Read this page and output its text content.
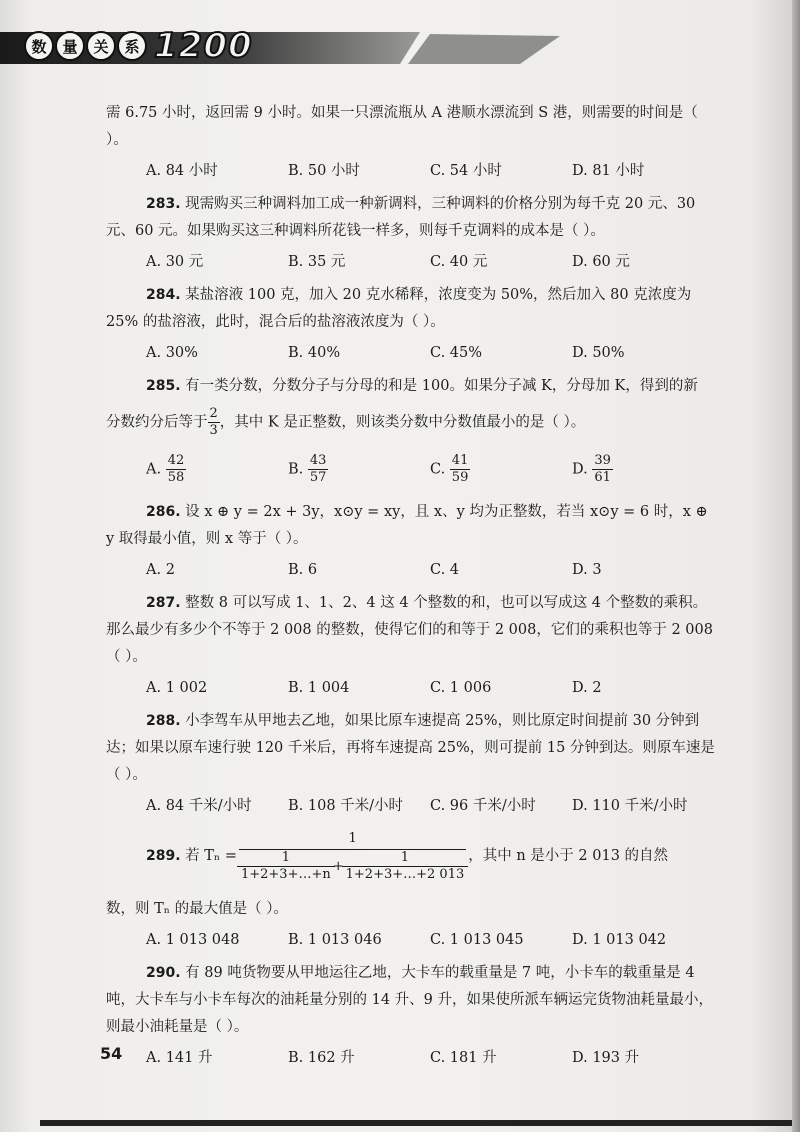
数	量	关	系 1200

需 6.75 小时，返回需 9 小时。如果一只漂流瓶从 A 港顺水漂流到 S 港，则需要的时间是（ ）。

A. 84 小时	B. 50 小时	C. 54 小时	D. 81 小时

283. 现需购买三种调料加工成一种新调料，三种调料的价格分别为每千克 20 元、30 元、60 元。如果购买这三种调料所花钱一样多，则每千克调料的成本是（ ）。

A. 30 元	B. 35 元	C. 40 元	D. 60 元

284. 某盐溶液 100 克，加入 20 克水稀释，浓度变为 50%，然后加入 80 克浓度为 25% 的盐溶液，此时，混合后的盐溶液浓度为（ ）。

A. 30%	B. 40%	C. 45%	D. 50%

285. 有一类分数，分数分子与分母的和是 100。如果分子减 K，分母加 K，得到的新

分数约分后等于 $\frac{2}{3}$ ，其中 K 是正整数，则该类分数中分数值最小的是（ ）。

A. $\frac{42}{58}$	B. $\frac{43}{57}$	C. $\frac{41}{59}$	D. $\frac{39}{61}$

286. 设 x ⊕ y = 2x + 3y，x⊙y = xy，且 x、y 均为正整数，若当 x⊙y = 6 时，x ⊕ y 取得最小值，则 x 等于（ ）。

A. 2	B. 6	C. 4	D. 3

287. 整数 8 可以写成 1、1、2、4 这 4 个整数的和，也可以写成这 4 个整数的乘积。那么最少有多少个不等于 2 008 的整数，使得它们的和等于 2 008，它们的乘积也等于 2 008（ ）。

A. 1 002	B. 1 004	C. 1 006	D. 2

288. 小李驾车从甲地去乙地，如果比原车速提高 25%，则比原定时间提前 30 分钟到达；如果以原车速行驶 120 千米后，再将车速提高 25%，则可提前 15 分钟到达。则原车速是（ ）。

A. 84 千米/小时	B. 108 千米/小时	C. 96 千米/小时	D. 110 千米/小时
289.
若 $T_n = \frac{1}{\frac{1}{1+2+3+\dots+n} + \frac{1}{1+2+3+\dots+2 013}}$ ，其中 n 是小于 2 013 的自然

数，则 Tₙ 的最大值是（ ）。

A. 1 013 048	B. 1 013 046	C. 1 013 045	D. 1 013 042

290. 有 89 吨货物要从甲地运往乙地，大卡车的载重量是 7 吨，小卡车的载重量是 4 吨，大卡车与小卡车每次的油耗量分别的 14 升、9 升，如果使所派车辆运完货物油耗量最小，则最小油耗量是（ ）。

A. 141 升	B. 162 升	C. 181 升	D. 193 升
54
